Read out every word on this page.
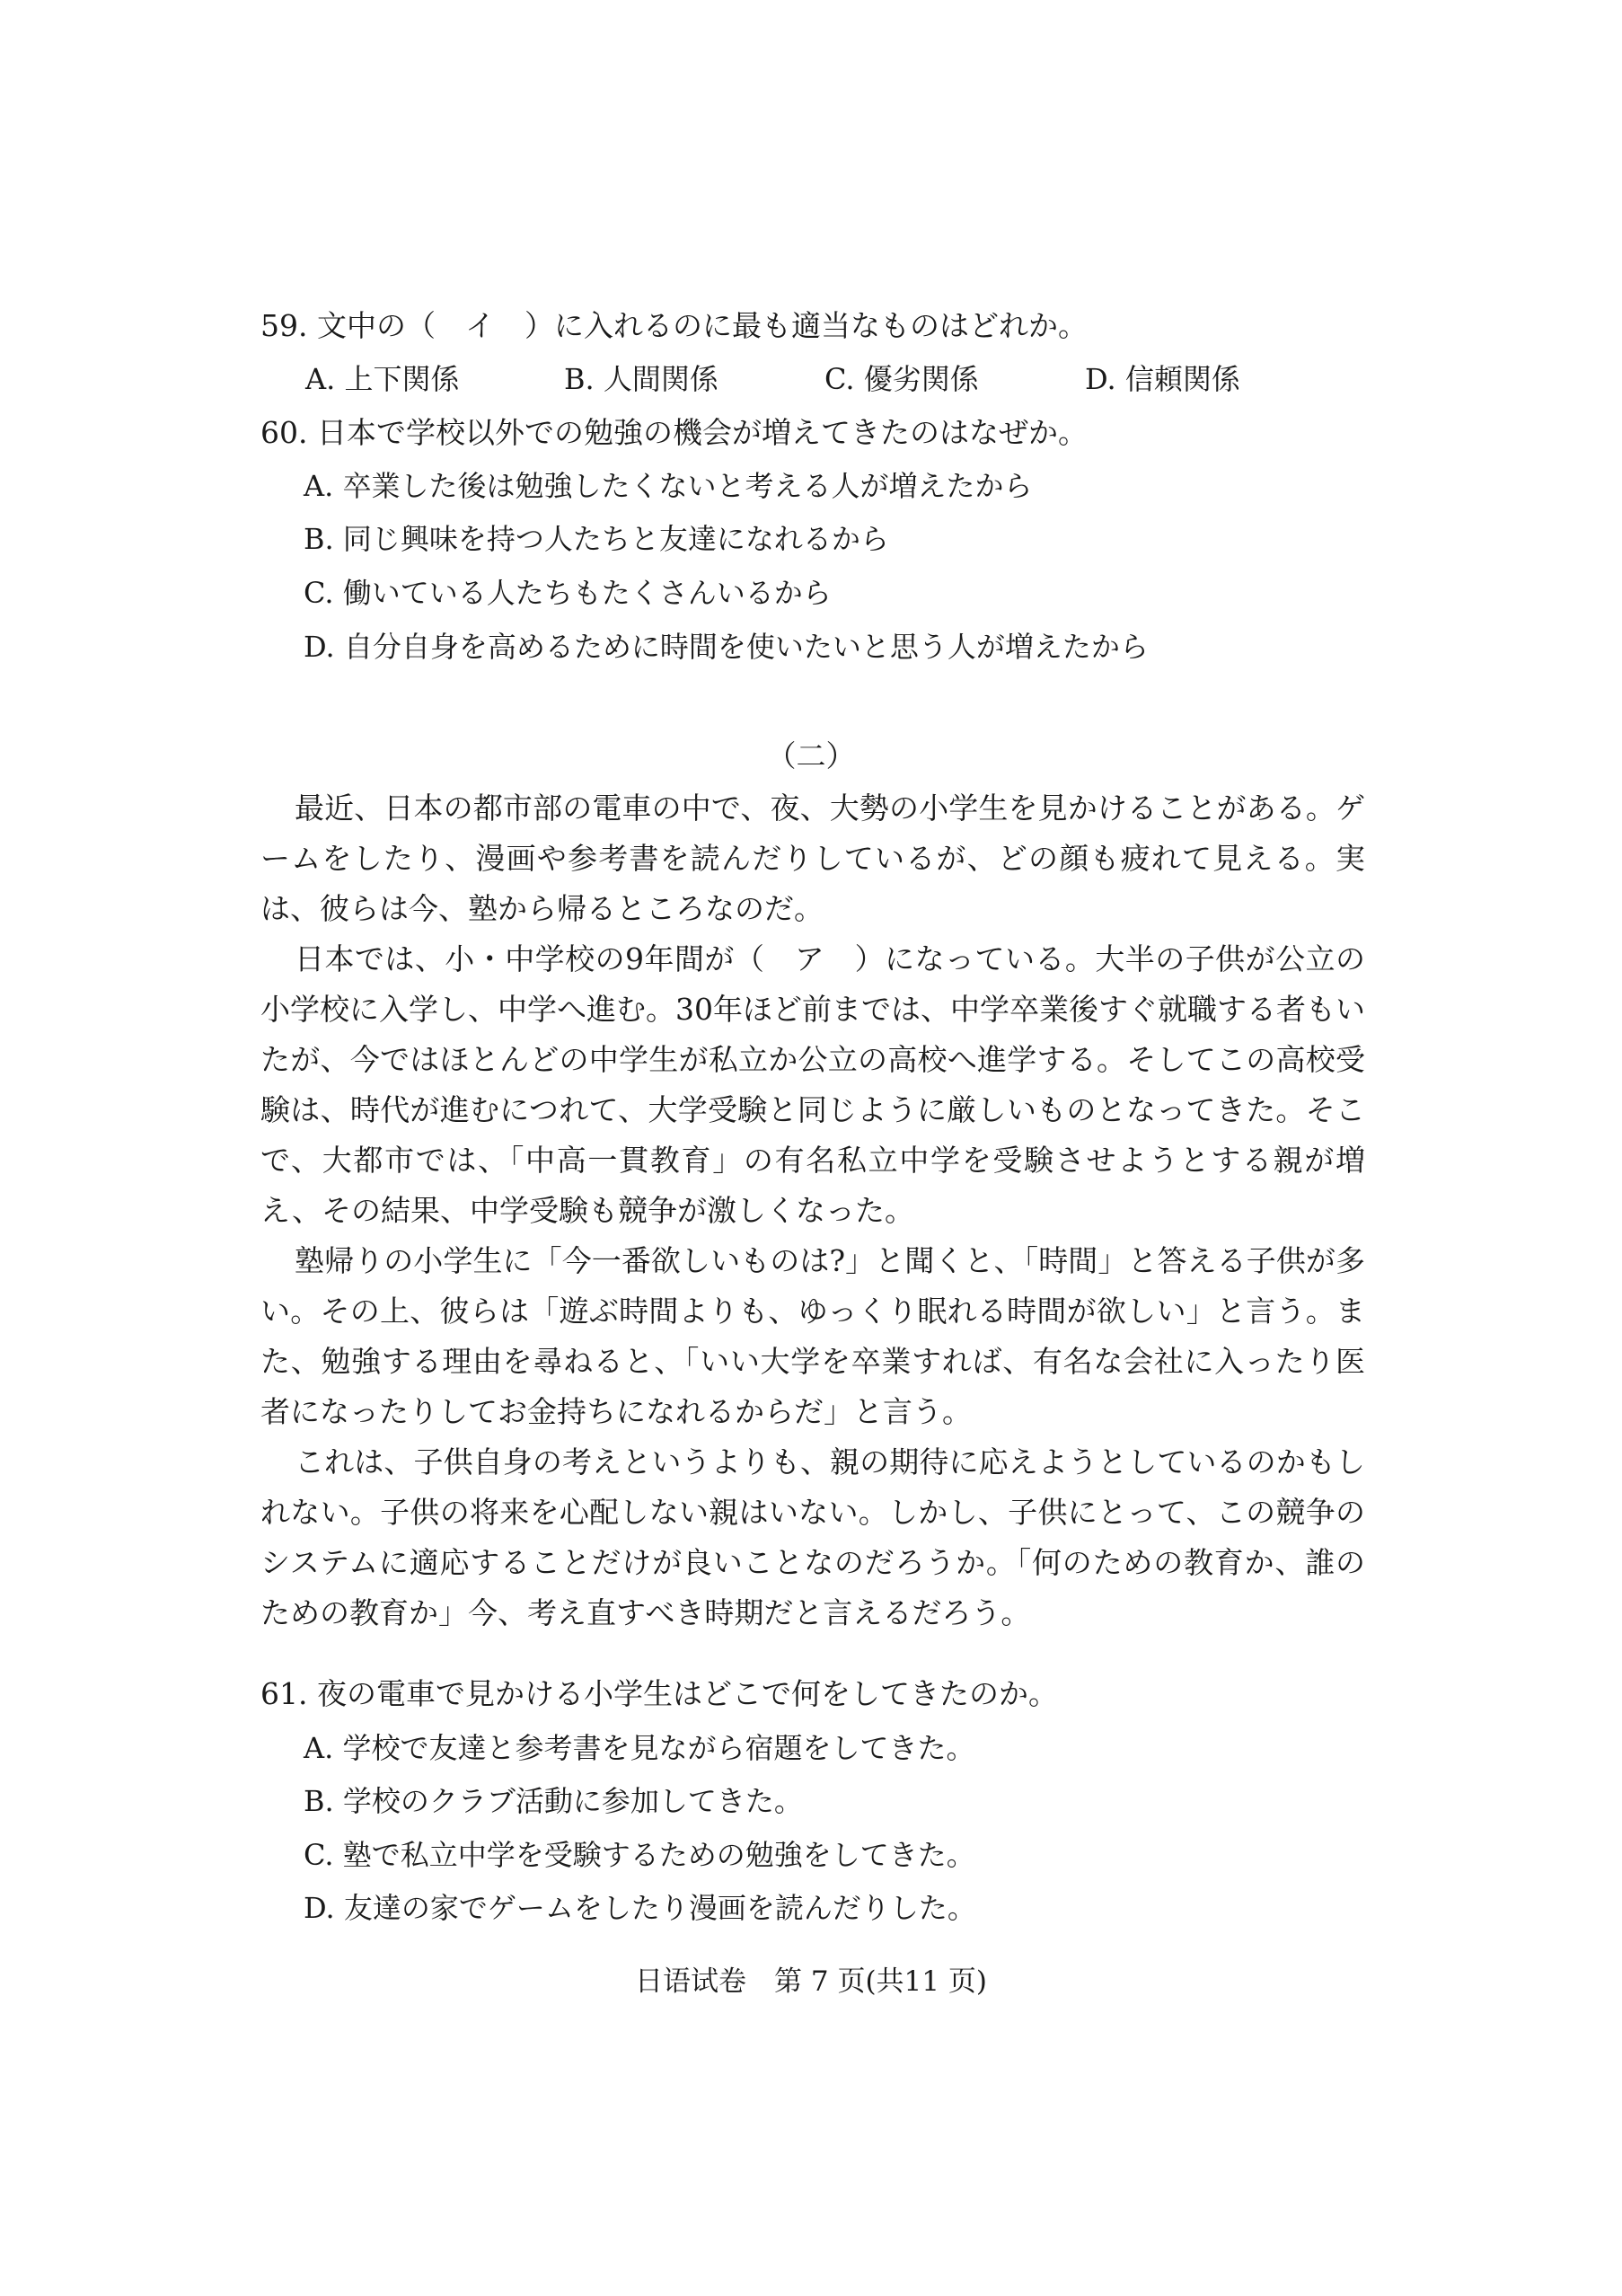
59. 文中の（　イ　）に入れるのに最も適当なものはどれか。
A. 上下関係	B. 人間関係	C. 優劣関係	D. 信頼関係
60. 日本で学校以外での勉強の機会が増えてきたのはなぜか。
A. 卒業した後は勉強したくないと考える人が増えたから
B. 同じ興味を持つ人たちと友達になれるから
C. 働いている人たちもたくさんいるから
D. 自分自身を高めるために時間を使いたいと思う人が増えたから
（二）

最近、日本の都市部の電車の中で、夜、大勢の小学生を見かけることがある。ゲームをしたり、漫画や参考書を読んだりしているが、どの顔も疲れて見える。実は、彼らは今、塾から帰るところなのだ。

日本では、小・中学校の9年間が（　ア　）になっている。大半の子供が公立の小学校に入学し、中学へ進む。30年ほど前までは、中学卒業後すぐ就職する者もいたが、今ではほとんどの中学生が私立か公立の高校へ進学する。そしてこの高校受験は、時代が進むにつれて、大学受験と同じように厳しいものとなってきた。そこで、大都市では、「中高一貫教育」の有名私立中学を受験させようとする親が増え、その結果、中学受験も競争が激しくなった。

塾帰りの小学生に「今一番欲しいものは?」と聞くと、「時間」と答える子供が多い。その上、彼らは「遊ぶ時間よりも、ゆっくり眠れる時間が欲しい」と言う。また、勉強する理由を尋ねると、「いい大学を卒業すれば、有名な会社に入ったり医者になったりしてお金持ちになれるからだ」と言う。

これは、子供自身の考えというよりも、親の期待に応えようとしているのかもしれない。子供の将来を心配しない親はいない。しかし、子供にとって、この競争のシステムに適応することだけが良いことなのだろうか。「何のための教育か、誰のための教育か」今、考え直すべき時期だと言えるだろう。

61. 夜の電車で見かける小学生はどこで何をしてきたのか。
A. 学校で友達と参考書を見ながら宿題をしてきた。
B. 学校のクラブ活動に参加してきた。
C. 塾で私立中学を受験するための勉強をしてきた。
D. 友達の家でゲームをしたり漫画を読んだりした。
日语试卷　第 7 页(共11 页)
